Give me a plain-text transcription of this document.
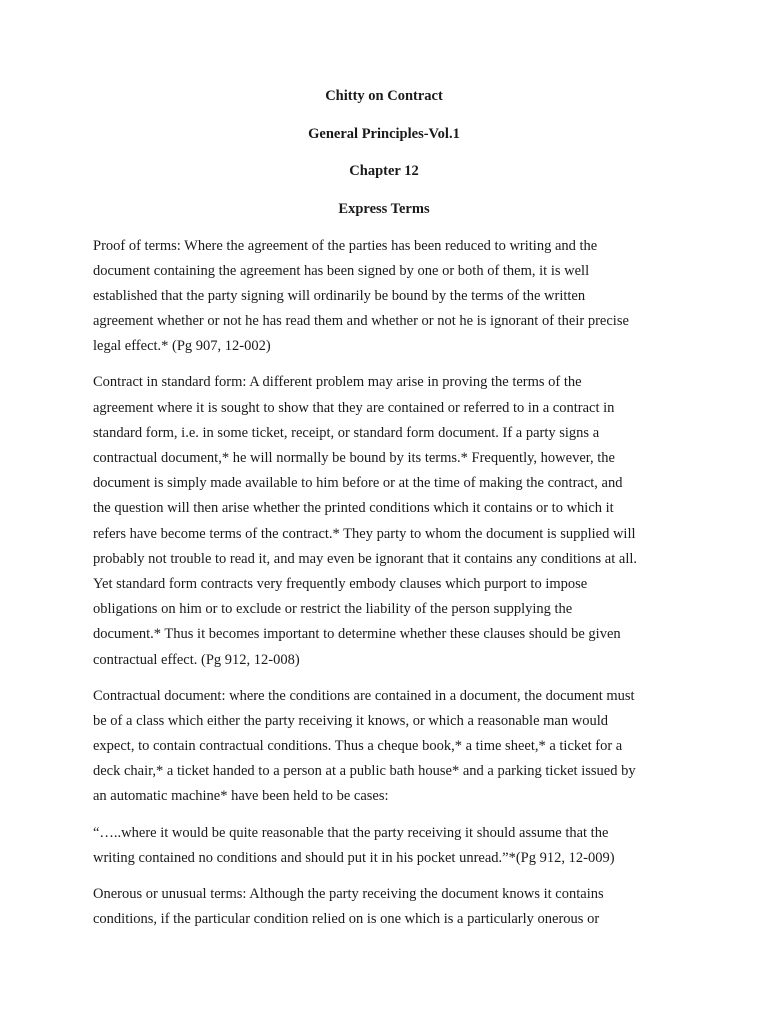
Chitty on Contract
General Principles-Vol.1
Chapter 12
Express Terms
Proof of terms: Where the agreement of the parties has been reduced to writing and the
document containing the agreement has been signed by one or both of them, it is well
established that the party signing will ordinarily be bound by the terms of the written
agreement whether or not he has read them and whether or not he is ignorant of their precise
legal effect.* (Pg 907, 12-002)
Contract in standard form: A different problem may arise in proving the terms of the
agreement where it is sought to show that they are contained or referred to in a contract in
standard form, i.e. in some ticket, receipt, or standard form document. If a party signs a
contractual document,* he will normally be bound by its terms.* Frequently, however, the
document is simply made available to him before or at the time of making the contract, and
the question will then arise whether the printed conditions which it contains or to which it
refers have become terms of the contract.* They party to whom the document is supplied will
probably not trouble to read it, and may even be ignorant that it contains any conditions at all.
Yet standard form contracts very frequently embody clauses which purport to impose
obligations on him or to exclude or restrict the liability of the person supplying the
document.* Thus it becomes important to determine whether these clauses should be given
contractual effect. (Pg 912, 12-008)
Contractual document: where the conditions are contained in a document, the document must
be of a class which either the party receiving it knows, or which a reasonable man would
expect, to contain contractual conditions. Thus a cheque book,* a time sheet,* a ticket for a
deck chair,* a ticket handed to a person at a public bath house* and a parking ticket issued by
an automatic machine* have been held to be cases:
“…..where it would be quite reasonable that the party receiving it should assume that the
writing contained no conditions and should put it in his pocket unread.”*(Pg 912, 12-009)
Onerous or unusual terms: Although the party receiving the document knows it contains
conditions, if the particular condition relied on is one which is a particularly onerous or
